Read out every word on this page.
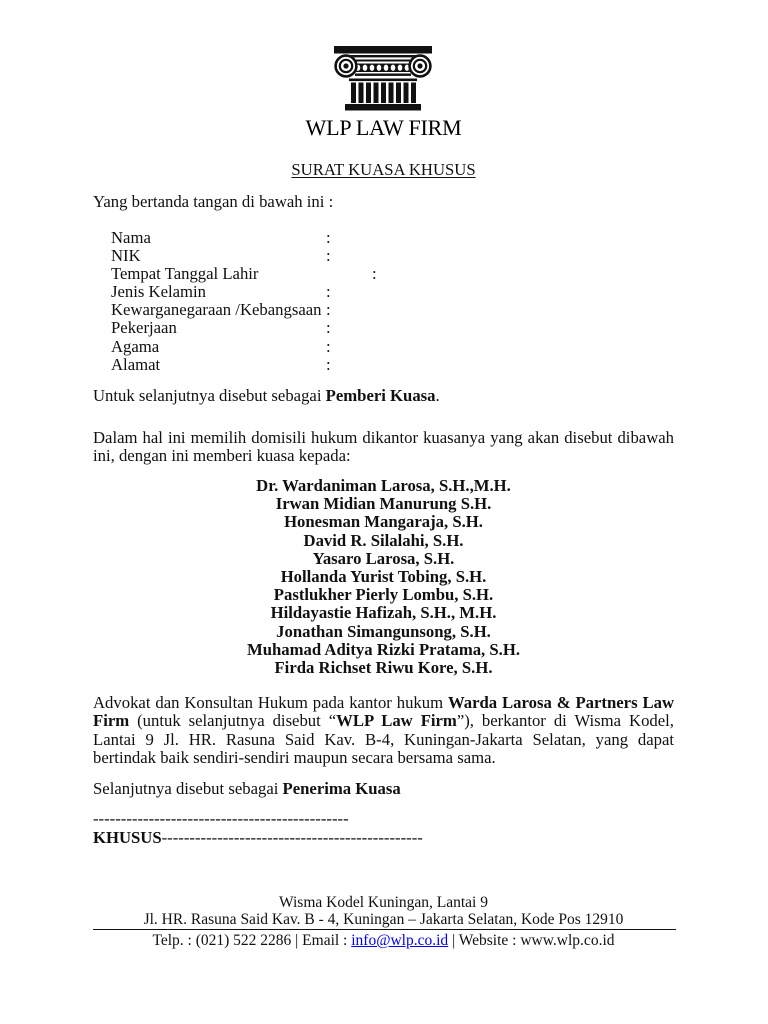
WLP LAW FIRM
SURAT KUASA KHUSUS
Yang bertanda tangan di bawah ini :
Nama	:
NIK	:
Tempat Tanggal Lahir	:
Jenis Kelamin	:
Kewarganegaraan /Kebangsaan :
Pekerjaan	:
Agama	:
Alamat	:
Untuk selanjutnya disebut sebagai Pemberi Kuasa.
Dalam hal ini memilih domisili hukum dikantor kuasanya yang akan disebut dibawah
ini, dengan ini memberi kuasa kepada:
Dr. Wardaniman Larosa, S.H.,M.H.
Irwan Midian Manurung S.H.
Honesman Mangaraja, S.H.
David R. Silalahi, S.H.
Yasaro Larosa, S.H.
Hollanda Yurist Tobing, S.H.
Pastlukher Pierly Lombu, S.H.
Hildayastie Hafizah, S.H., M.H.
Jonathan Simangunsong, S.H.
Muhamad Aditya Rizki Pratama, S.H.
Firda Richset Riwu Kore, S.H.
Advokat dan Konsultan Hukum pada kantor hukum Warda Larosa & Partners Law
Firm (untuk selanjutnya disebut “WLP Law Firm”), berkantor di Wisma Kodel,
Lantai 9 Jl. HR. Rasuna Said Kav. B-4, Kuningan-Jakarta Selatan, yang dapat
bertindak baik sendiri-sendiri maupun secara bersama sama.
Selanjutnya disebut sebagai Penerima Kuasa
----------------------------------------------
KHUSUS-----------------------------------------------
Wisma Kodel Kuningan, Lantai 9
Jl. HR. Rasuna Said Kav. B - 4, Kuningan – Jakarta Selatan, Kode Pos 12910
Telp. : (021) 522 2286 | Email : info@wlp.co.id | Website : www.wlp.co.id
